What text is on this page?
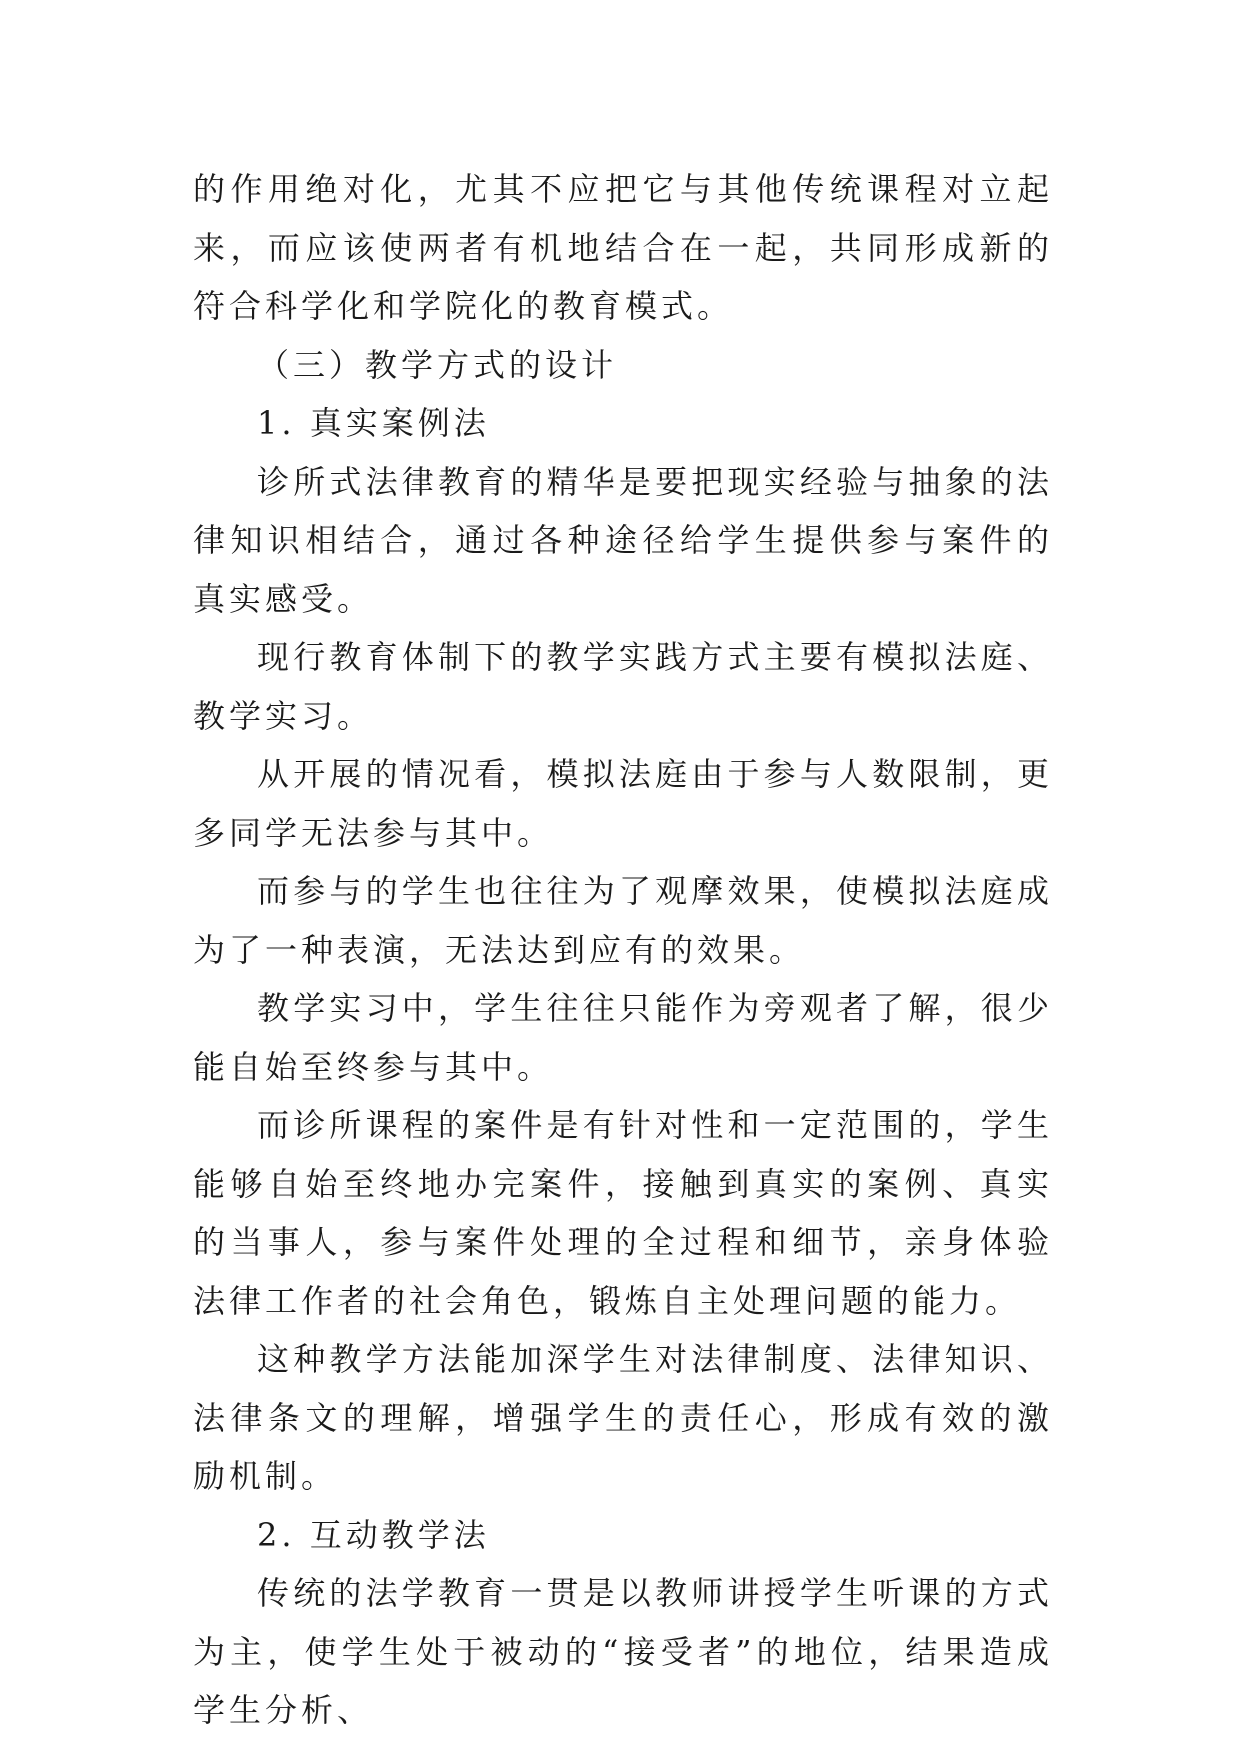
的作用绝对化，尤其不应把它与其他传统课程对立起来，而应该使两者有机地结合在一起，共同形成新的符合科学化和学院化的教育模式。

（三）教学方式的设计

1. 真实案例法

诊所式法律教育的精华是要把现实经验与抽象的法律知识相结合，通过各种途径给学生提供参与案件的真实感受。

现行教育体制下的教学实践方式主要有模拟法庭、教学实习。

从开展的情况看，模拟法庭由于参与人数限制，更多同学无法参与其中。

而参与的学生也往往为了观摩效果，使模拟法庭成为了一种表演，无法达到应有的效果。

教学实习中，学生往往只能作为旁观者了解，很少能自始至终参与其中。

而诊所课程的案件是有针对性和一定范围的，学生能够自始至终地办完案件，接触到真实的案例、真实的当事人，参与案件处理的全过程和细节，亲身体验法律工作者的社会角色，锻炼自主处理问题的能力。

这种教学方法能加深学生对法律制度、法律知识、法律条文的理解，增强学生的责任心，形成有效的激励机制。

2. 互动教学法

传统的法学教育一贯是以教师讲授学生听课的方式为主，使学生处于被动的“接受者”的地位，结果造成学生分析、
